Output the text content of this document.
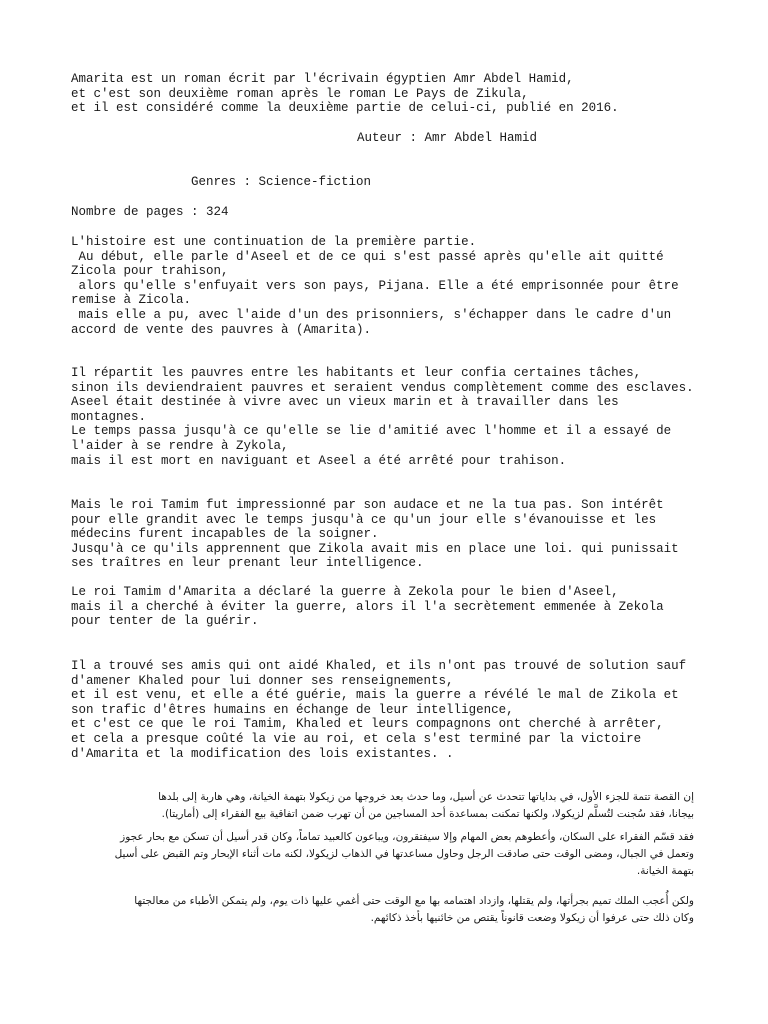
Amarita est un roman écrit par l'écrivain égyptien Amr Abdel Hamid,
et c'est son deuxième roman après le roman Le Pays de Zikula,
et il est considéré comme la deuxième partie de celui-ci, publié en 2016.
Auteur : Amr Abdel Hamid
Genres : Science-fiction
Nombre de pages : 324
L'histoire est une continuation de la première partie.
Au début, elle parle d'Aseel et de ce qui s'est passé après qu'elle ait quitté
Zicola pour trahison,
alors qu'elle s'enfuyait vers son pays, Pijana. Elle a été emprisonnée pour être
remise à Zicola.
mais elle a pu, avec l'aide d'un des prisonniers, s'échapper dans le cadre d'un
accord de vente des pauvres à (Amarita).
Il répartit les pauvres entre les habitants et leur confia certaines tâches,
sinon ils deviendraient pauvres et seraient vendus complètement comme des esclaves.
Aseel était destinée à vivre avec un vieux marin et à travailler dans les
montagnes.
Le temps passa jusqu'à ce qu'elle se lie d'amitié avec l'homme et il a essayé de
l'aider à se rendre à Zykola,
mais il est mort en naviguant et Aseel a été arrêté pour trahison.
Mais le roi Tamim fut impressionné par son audace et ne la tua pas. Son intérêt
pour elle grandit avec le temps jusqu'à ce qu'un jour elle s'évanouisse et les
médecins furent incapables de la soigner.
Jusqu'à ce qu'ils apprennent que Zikola avait mis en place une loi. qui punissait
ses traîtres en leur prenant leur intelligence.
Le roi Tamim d'Amarita a déclaré la guerre à Zekola pour le bien d'Aseel,
mais il a cherché à éviter la guerre, alors il l'a secrètement emmenée à Zekola
pour tenter de la guérir.
Il a trouvé ses amis qui ont aidé Khaled, et ils n'ont pas trouvé de solution sauf
d'amener Khaled pour lui donner ses renseignements,
et il est venu, et elle a été guérie, mais la guerre a révélé le mal de Zikola et
son trafic d'êtres humains en échange de leur intelligence,
et c'est ce que le roi Tamim, Khaled et leurs compagnons ont cherché à arrêter,
et cela a presque coûté la vie au roi, et cela s'est terminé par la victoire
d'Amarita et la modification des lois existantes. .
إن القصة تتمة للجزء الأول، في بداياتها تتحدث عن أسيل، وما حدث بعد خروجها من زيكولا بتهمة الخيانة، وهي هاربة إلى بلدها
بيجانا، فقد سُجنت لتُسلَّم لزيكولا، ولكنها تمكنت بمساعدة أحد المساجين من أن تهرب ضمن اتفاقية بيع الفقراء إلى (أماريتا).
فقد قسّم الفقراء على السكان، وأعطوهم بعض المهام وإلا سيفتقرون، ويباعون كالعبيد تماماً، وكان قدر أسيل أن تسكن مع بحار عجوز
وتعمل في الجبال، ومضى الوقت حتى صادقت الرجل وحاول مساعدتها في الذهاب لزيكولا، لكنه مات أثناء الإبحار وتم القبض على أسيل
بتهمة الخيانة.
ولكن أُعجب الملك تميم بجرأتها، ولم يقتلها، وازداد اهتمامه بها مع الوقت حتى أغمي عليها ذات يوم، ولم يتمكن الأطباء من معالجتها
وكان ذلك حتى عرفوا أن زيكولا وضعت قانوناً يقتص من خائنيها بأخذ ذكائهم.
